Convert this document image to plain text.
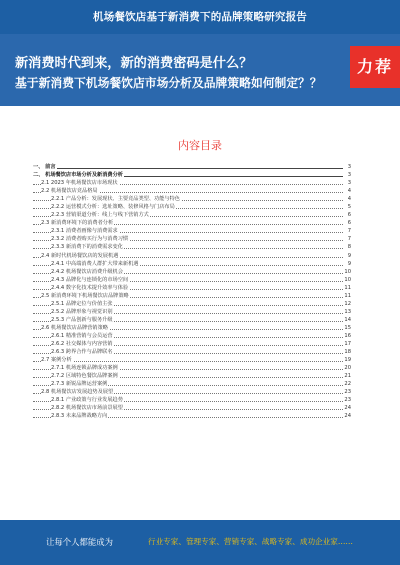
机场餐饮店基于新消费下的品牌策略研究报告
新消费时代到来，新的消费密码是什么？
基于新消费下机场餐饮店市场分析及品牌策略如何制定？？
力荐
内容目录
一、 前言	3
二、 机场餐饮店市场分析及新消费分析	3
2.1 2023 年机场餐饮店市场现状	3
2.2 机场餐饮店竞品格局	4
2.2.1 产品分析：发展现状、主要竞品类型、功能与特色	4
2.2.2 运营模式分析：选址策略、装修风格与门店布局	5
2.2.3 营销渠道分析：线上与线下营销方式	6
2.3 新消费环境下的消费者分析	6
2.3.1 消费者画像与消费需求	7
2.3.2 消费者购买行为与消费习惯	7
2.3.3 新消费下的消费需求变化	8
2.4 新时代机场餐饮店的发展机遇	9
2.4.1 中高端消费人群扩大带来新机遇	9
2.4.2 机场餐饮店消费升级机会	10
2.4.3 品牌化与连锁化的市场空间	10
2.4.4 数字化技术提升效率与体验	11
2.5 新消费环境下机场餐饮店品牌策略	11
2.5.1 品牌定位与价值主张	12
2.5.2 品牌形象与视觉识别	13
2.5.3 产品创新与服务升级	14
2.6 机场餐饮店品牌营销策略	15
2.6.1 精准营销与会员运营	16
2.6.2 社交媒体与内容营销	17
2.6.3 跨界合作与品牌联名	18
2.7 案例分析	19
2.7.1 机场连锁品牌成功案例	20
2.7.2 区域特色餐饮品牌案例	21
2.7.3 新锐品牌运营案例	22
2.8 机场餐饮店发展趋势及展望	23
2.8.1 产业政策与行业发展趋势	23
2.8.2 机场餐饮店市场前景展望	24
2.8.3 未来品牌战略方向	24
让每个人都能成为	行业专家、管理专家、营销专家、战略专家、成功企业家……
